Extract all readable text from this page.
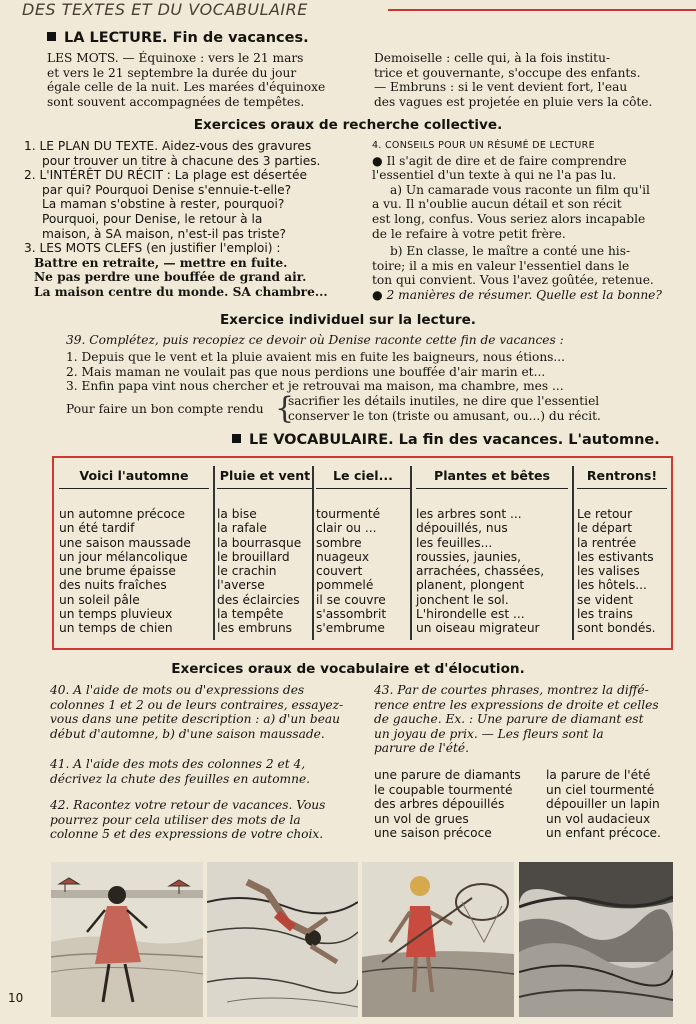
DES TEXTES ET DU VOCABULAIRE
LA LECTURE. Fin de vacances.
LES MOTS. — Équinoxe : vers le 21 mars
et vers le 21 septembre la durée du jour
égale celle de la nuit. Les marées d'équinoxe
sont souvent accompagnées de tempêtes.
Demoiselle : celle qui, à la fois institu-
trice et gouvernante, s'occupe des enfants.
— Embruns : si le vent devient fort, l'eau
des vagues est projetée en pluie vers la côte.
Exercices oraux de recherche collective.
1. LE PLAN DU TEXTE. Aidez-vous des gravures
pour trouver un titre à chacune des 3 parties.
2. L'INTÉRÊT DU RÉCIT : La plage est désertée
par qui? Pourquoi Denise s'ennuie-t-elle?
La maman s'obstine à rester, pourquoi?
Pourquoi, pour Denise, le retour à la
maison, à SA maison, n'est-il pas triste?
3. LES MOTS CLEFS (en justifier l'emploi) :
Battre en retraite, — mettre en fuite.
Ne pas perdre une bouffée de grand air.
La maison centre du monde. SA chambre...
4. CONSEILS POUR UN RÉSUMÉ DE LECTURE
● Il s'agit de dire et de faire comprendre
l'essentiel d'un texte à qui ne l'a pas lu.
a) Un camarade vous raconte un film qu'il
a vu. Il n'oublie aucun détail et son récit
est long, confus. Vous seriez alors incapable
de le refaire à votre petit frère.
b) En classe, le maître a conté une his-
toire; il a mis en valeur l'essentiel dans le
ton qui convient. Vous l'avez goûtée, retenue.
● 2 manières de résumer. Quelle est la bonne?
Exercice individuel sur la lecture.
39. Complétez, puis recopiez ce devoir où Denise raconte cette fin de vacances :
1. Depuis que le vent et la pluie avaient mis en fuite les baigneurs, nous étions...
2. Mais maman ne voulait pas que nous perdions une bouffée d'air marin et...
3. Enfin papa vint nous chercher et je retrouvai ma maison, ma chambre, mes ...
Pour faire un bon compte rendu {
sacrifier les détails inutiles, ne dire que l'essentiel
conserver le ton (triste ou amusant, ou...) du récit.
LE VOCABULAIRE. La fin des vacances. L'automne.
Voici l'automne
un automne précoce
un été tardif
une saison maussade
un jour mélancolique
une brume épaisse
des nuits fraîches
un soleil pâle
un temps pluvieux
un temps de chien
Pluie et vent
la bise
la rafale
la bourrasque
le brouillard
le crachin
l'averse
des éclaircies
la tempête
les embruns
Le ciel...
tourmenté
clair ou ...
sombre
nuageux
couvert
pommelé
il se couvre
s'assombrit
s'embrume
Plantes et bêtes
les arbres sont ...
dépouillés, nus
les feuilles...
roussies, jaunies,
arrachées, chassées,
planent, plongent
jonchent le sol.
L'hirondelle est ...
un oiseau migrateur
Rentrons!
Le retour
le départ
la rentrée
les estivants
les valises
les hôtels...
se vident
les trains
sont bondés.
Exercices oraux de vocabulaire et d'élocution.
40. A l'aide de mots ou d'expressions des
colonnes 1 et 2 ou de leurs contraires, essayez-
vous dans une petite description : a) d'un beau
début d'automne, b) d'une saison maussade.
41. A l'aide des mots des colonnes 2 et 4,
décrivez la chute des feuilles en automne.
42. Racontez votre retour de vacances. Vous
pourrez pour cela utiliser des mots de la
colonne 5 et des expressions de votre choix.
43. Par de courtes phrases, montrez la diffé-
rence entre les expressions de droite et celles
de gauche. Ex. : Une parure de diamant est
un joyau de prix. — Les fleurs sont la
parure de l'été.
une parure de diamants
le coupable tourmenté
des arbres dépouillés
un vol de grues
une saison précoce
la parure de l'été
un ciel tourmenté
dépouiller un lapin
un vol audacieux
un enfant précoce.
10
